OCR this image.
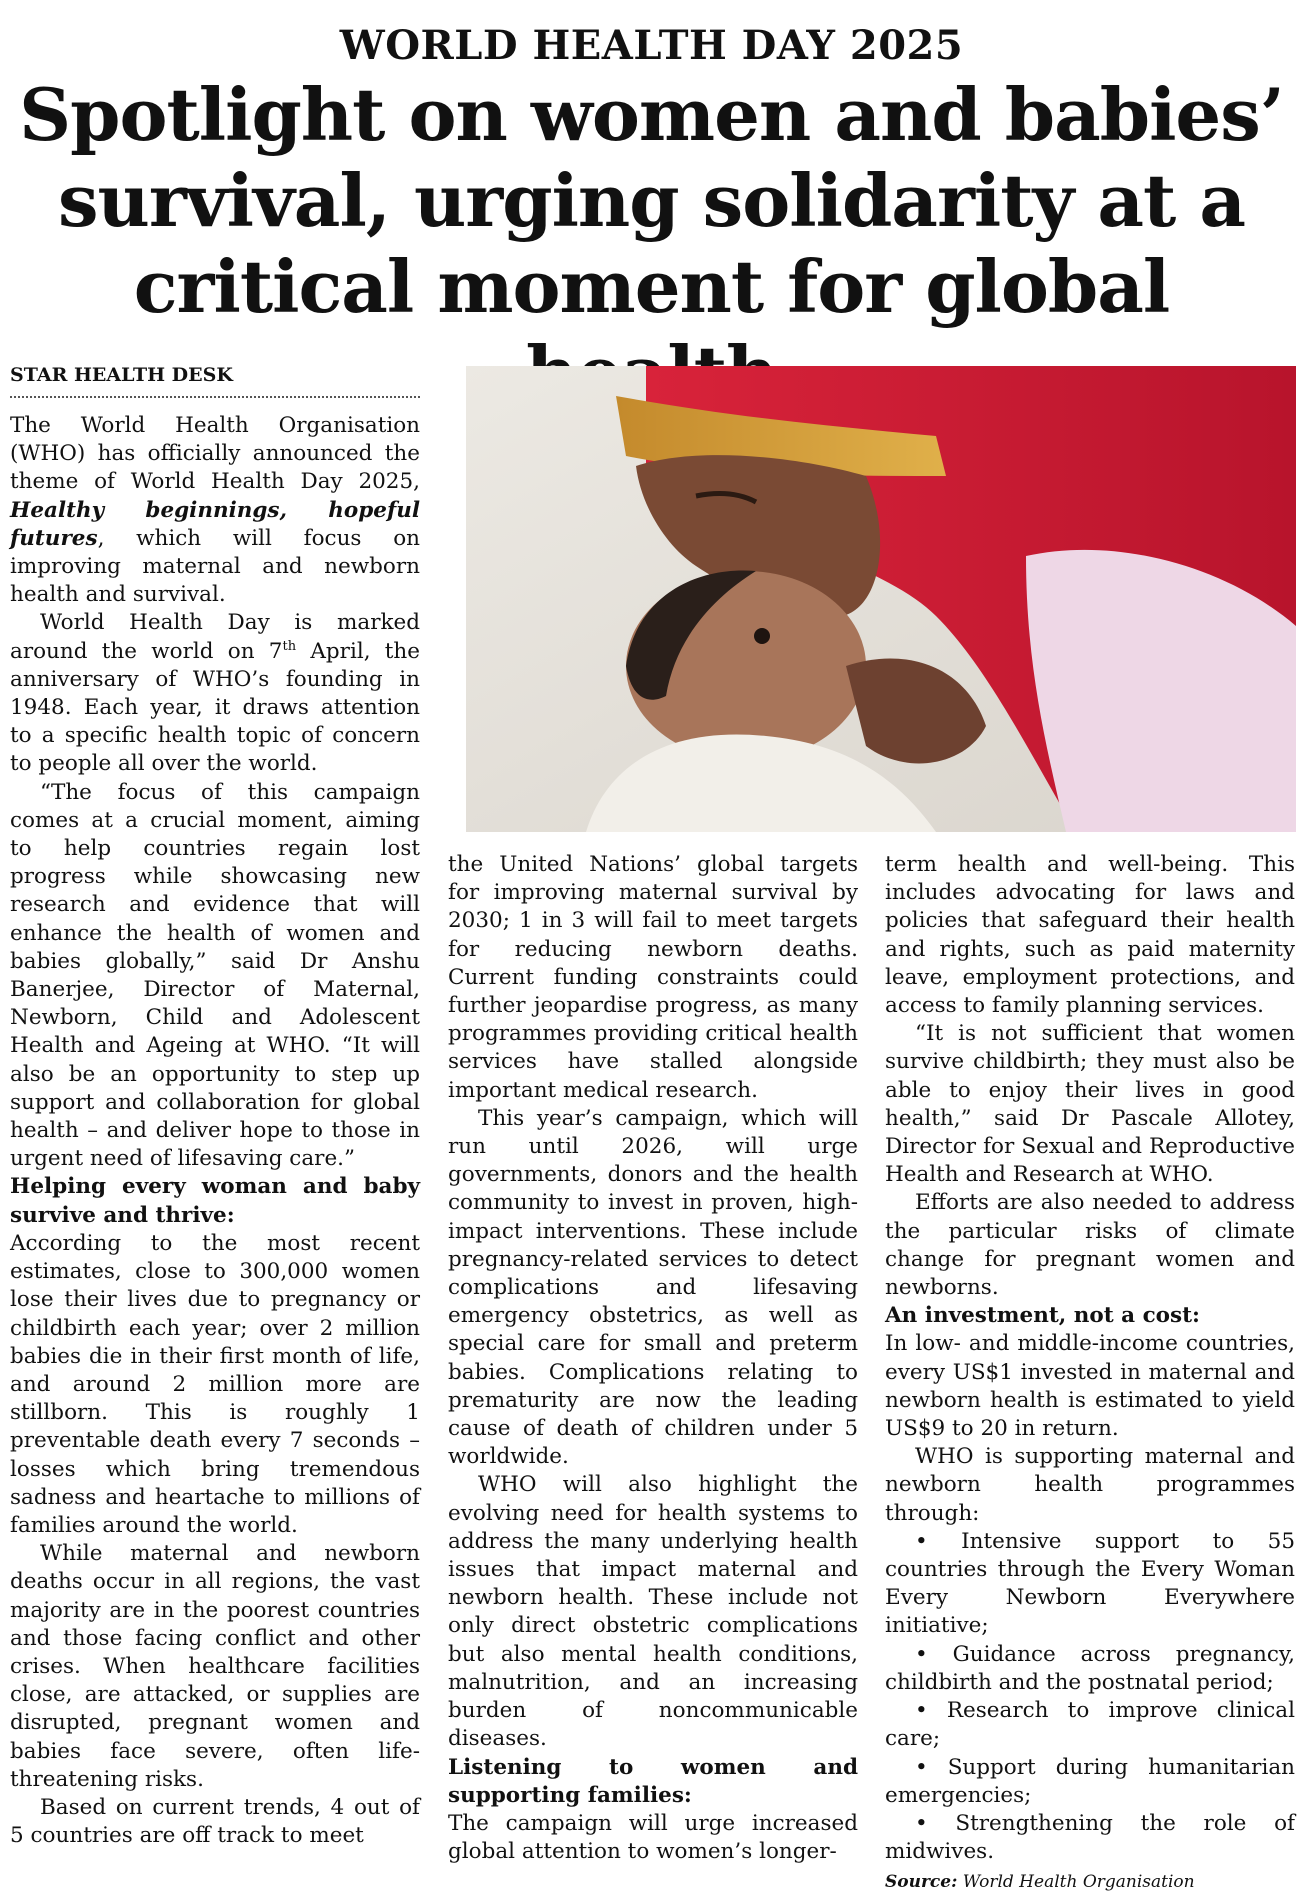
WORLD HEALTH DAY 2025
Spotlight on women and babies’ survival, urging solidarity at a critical moment for global
STAR HEALTH DESK

The World Health Organisation (WHO) has officially announced the theme of World Health Day 2025, Healthy beginnings, hopeful futures, which will focus on improving maternal and newborn health and survival.

World Health Day is marked around the world on 7th April, the anniversary of WHO’s founding in 1948. Each year, it draws attention to a specific health topic of concern to people all over the world.

“The focus of this campaign comes at a crucial moment, aiming to help countries regain lost progress while showcasing new research and evidence that will enhance the health of women and babies globally,” said Dr Anshu Banerjee, Director of Maternal, Newborn, Child and Adolescent Health and Ageing at WHO. “It will also be an opportunity to step up support and collaboration for global health – and deliver hope to those in urgent need of lifesaving care.”

Helping every woman and baby survive and thrive:

According to the most recent estimates, close to 300,000 women lose their lives due to pregnancy or childbirth each year; over 2 million babies die in their first month of life, and around 2 million more are stillborn. This is roughly 1 preventable death every 7 seconds – losses which bring tremendous sadness and heartache to millions of families around the world.

While maternal and newborn deaths occur in all regions, the vast majority are in the poorest countries and those facing conflict and other crises. When healthcare facilities close, are attacked, or supplies are disrupted, pregnant women and babies face severe, often life-threatening risks.

Based on current trends, 4 out of 5 countries are off track to meet

the United Nations’ global targets for improving maternal survival by 2030; 1 in 3 will fail to meet targets for reducing newborn deaths. Current funding constraints could further jeopardise progress, as many programmes providing critical health services have stalled alongside important medical research.

This year’s campaign, which will run until 2026, will urge governments, donors and the health community to invest in proven, high-impact interventions. These include pregnancy-related services to detect complications and lifesaving emergency obstetrics, as well as special care for small and preterm babies. Complications relating to prematurity are now the leading cause of death of children under 5 worldwide.

WHO will also highlight the evolving need for health systems to address the many underlying health issues that impact maternal and newborn health. These include not only direct obstetric complications but also mental health conditions, malnutrition, and an increasing burden of noncommunicable diseases.

Listening to women and supporting families:

The campaign will urge increased global attention to women’s longer-

term health and well-being. This includes advocating for laws and policies that safeguard their health and rights, such as paid maternity leave, employment protections, and access to family planning services.

“It is not sufficient that women survive childbirth; they must also be able to enjoy their lives in good health,” said Dr Pascale Allotey, Director for Sexual and Reproductive Health and Research at WHO.

Efforts are also needed to address the particular risks of climate change for pregnant women and newborns.

An investment, not a cost:

In low- and middle-income countries, every US$1 invested in maternal and newborn health is estimated to yield US$9 to 20 in return.

WHO is supporting maternal and newborn health programmes through:

• Intensive support to 55 countries through the Every Woman Every Newborn Everywhere initiative;

• Guidance across pregnancy, childbirth and the postnatal period;

• Research to improve clinical care;

• Support during humanitarian emergencies;

• Strengthening the role of midwives.

Source: World Health Organisation
